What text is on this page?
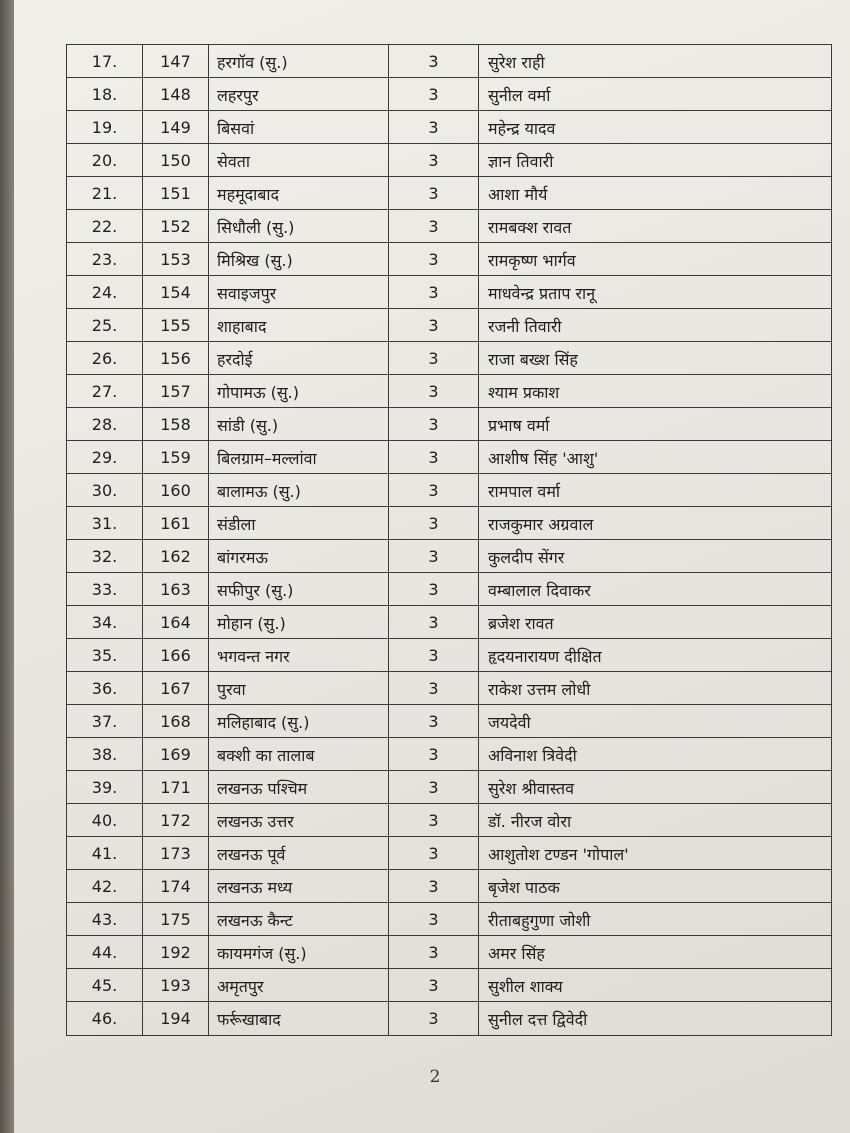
17.	147	हरगॉव (सु.)	3	सुरेश राही
18.	148	लहरपुर	3	सुनील वर्मा
19.	149	बिसवां	3	महेन्द्र यादव
20.	150	सेवता	3	ज्ञान तिवारी
21.	151	महमूदाबाद	3	आशा मौर्य
22.	152	सिधौली (सु.)	3	रामबक्श रावत
23.	153	मिश्रिख (सु.)	3	रामकृष्ण भार्गव
24.	154	सवाइजपुर	3	माधवेन्द्र प्रताप रानू
25.	155	शाहाबाद	3	रजनी तिवारी
26.	156	हरदोई	3	राजा बख्श सिंह
27.	157	गोपामऊ (सु.)	3	श्याम प्रकाश
28.	158	सांडी (सु.)	3	प्रभाष वर्मा
29.	159	बिलग्राम–मल्लांवा	3	आशीष सिंह 'आशु'
30.	160	बालामऊ (सु.)	3	रामपाल वर्मा
31.	161	संडीला	3	राजकुमार अग्रवाल
32.	162	बांगरमऊ	3	कुलदीप सेंगर
33.	163	सफीपुर (सु.)	3	वम्बालाल दिवाकर
34.	164	मोहान (सु.)	3	ब्रजेश रावत
35.	166	भगवन्त नगर	3	हृदयनारायण दीक्षित
36.	167	पुरवा	3	राकेश उत्तम लोधी
37.	168	मलिहाबाद (सु.)	3	जयदेवी
38.	169	बक्शी का तालाब	3	अविनाश त्रिवेदी
39.	171	लखनऊ पश्चिम	3	सुरेश श्रीवास्तव
40.	172	लखनऊ उत्तर	3	डॉ. नीरज वोरा
41.	173	लखनऊ पूर्व	3	आशुतोश टण्डन 'गोपाल'
42.	174	लखनऊ मध्य	3	बृजेश पाठक
43.	175	लखनऊ कैन्ट	3	रीताबहुगुणा जोशी
44.	192	कायमगंज (सु.)	3	अमर सिंह
45.	193	अमृतपुर	3	सुशील शाक्य
46.	194	फर्रूखाबाद	3	सुनील दत्त द्विवेदी
2
